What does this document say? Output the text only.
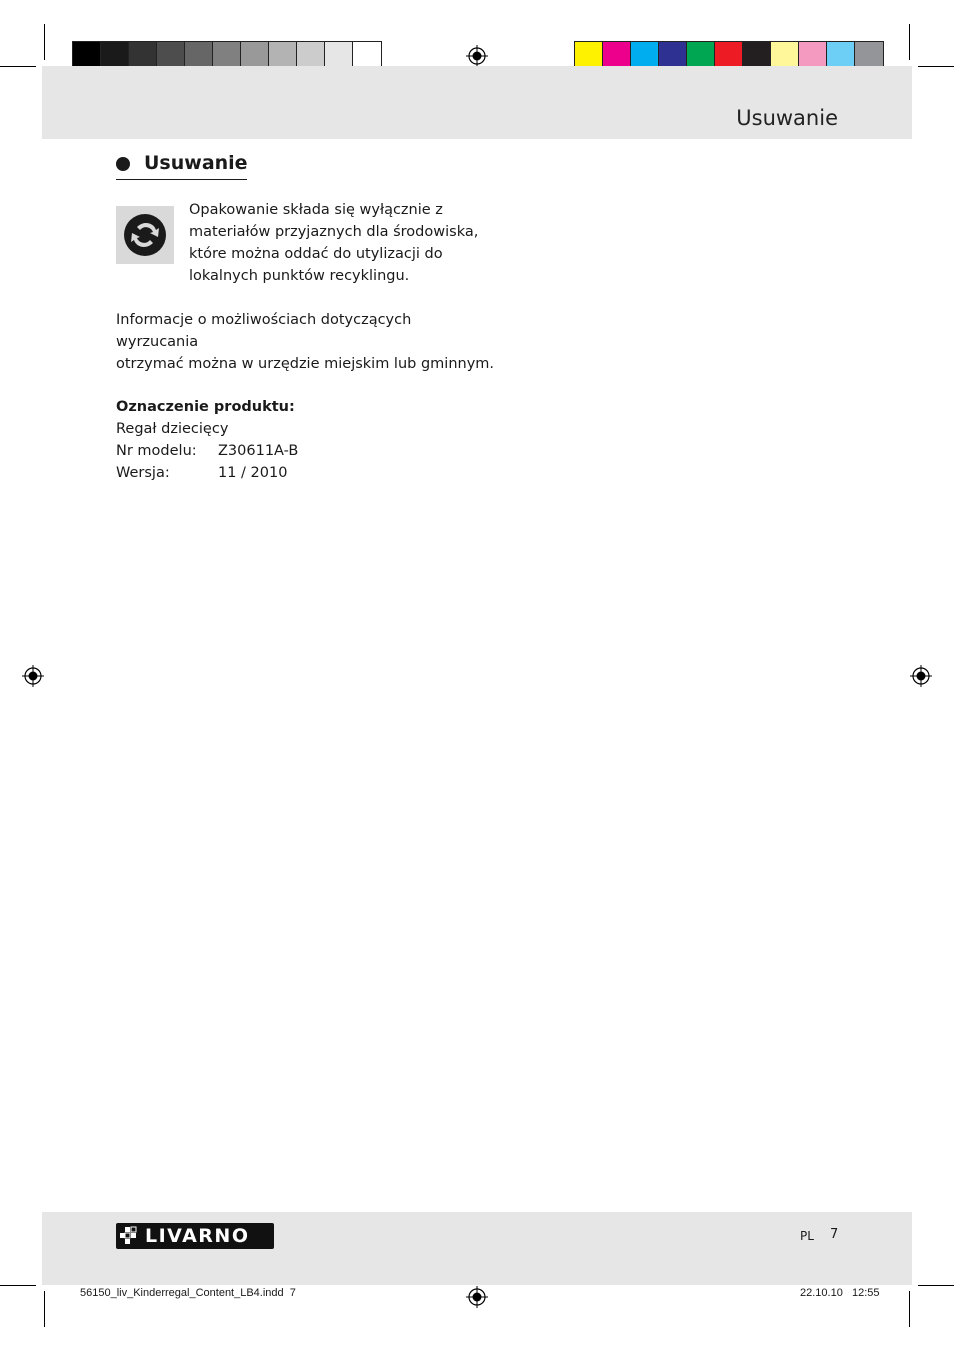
Usuwanie
Usuwanie
Opakowanie składa się wyłącznie z
materiałów przyjaznych dla środowiska,
które można oddać do utylizacji do
lokalnych punktów recyklingu.
Informacje o możliwościach dotyczących wyrzucania
otrzymać można w urzędzie miejskim lub gminnym.
Oznaczenie produktu:
Regał dziecięcy
Nr modelu:	Z30611A-B
Wersja:	11 / 2010
LIVARNO	PL 7
56150_liv_Kinderregal_Content_LB4.indd 7	22.10.10 12:55
